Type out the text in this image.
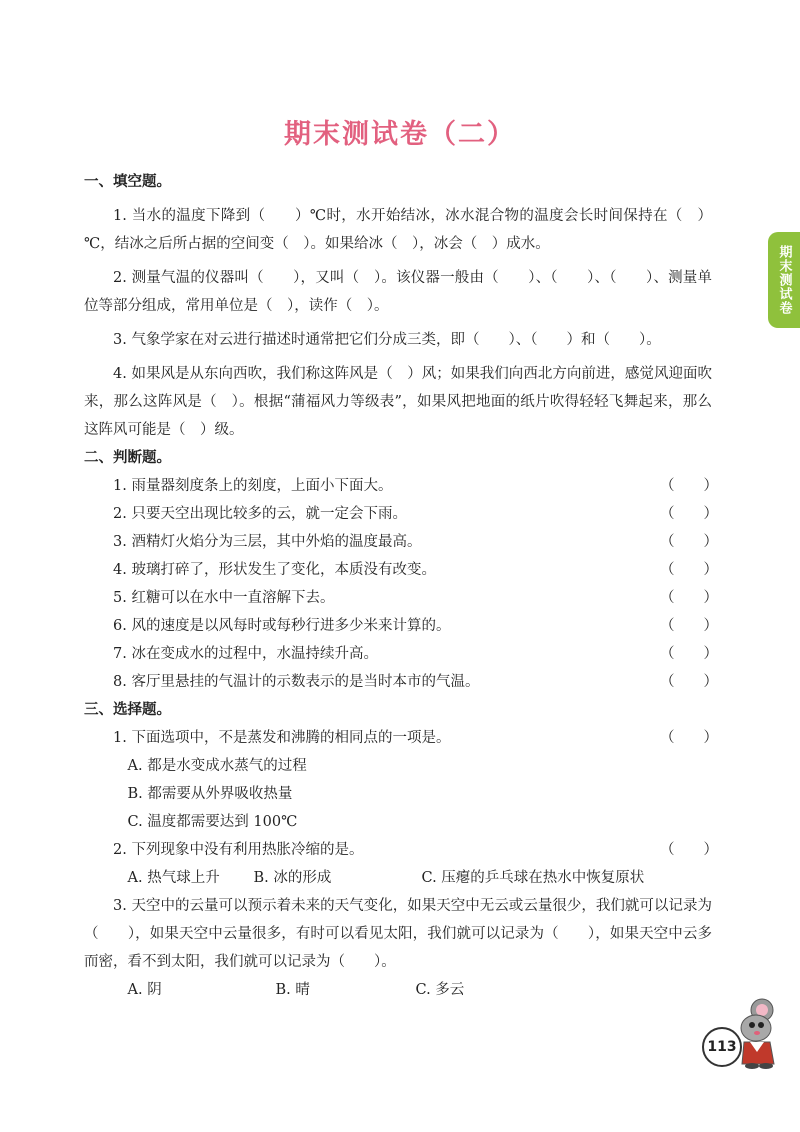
期末测试卷（二）
期末测试卷
一、填空题。
1. 当水的温度下降到（　　）℃时，水开始结冰，冰水混合物的温度会长时间保持在（　）℃，结冰之后所占据的空间变（　）。如果给冰（　），冰会（　）成水。
2. 测量气温的仪器叫（　　），又叫（　）。该仪器一般由（　　）、（　　）、（　　）、测量单位等部分组成，常用单位是（　），读作（　）。
3. 气象学家在对云进行描述时通常把它们分成三类，即（　　）、（　　）和（　　）。
4. 如果风是从东向西吹，我们称这阵风是（　）风；如果我们向西北方向前进，感觉风迎面吹来，那么这阵风是（　）。根据“蒲福风力等级表”，如果风把地面的纸片吹得轻轻飞舞起来，那么这阵风可能是（　）级。
二、判断题。
1. 雨量器刻度条上的刻度，上面小下面大。	（　　）
2. 只要天空出现比较多的云，就一定会下雨。	（　　）
3. 酒精灯火焰分为三层，其中外焰的温度最高。	（　　）
4. 玻璃打碎了，形状发生了变化，本质没有改变。	（　　）
5. 红糖可以在水中一直溶解下去。	（　　）
6. 风的速度是以风每时或每秒行进多少米来计算的。	（　　）
7. 冰在变成水的过程中，水温持续升高。	（　　）
8. 客厅里悬挂的气温计的示数表示的是当时本市的气温。	（　　）
三、选择题。
1. 下面选项中，不是蒸发和沸腾的相同点的一项是。	（　　）
A. 都是水变成水蒸气的过程
B. 都需要从外界吸收热量
C. 温度都需要达到 100℃
2. 下列现象中没有利用热胀冷缩的是。	（　　）
A. 热气球上升	B. 冰的形成	C. 压瘪的乒乓球在热水中恢复原状
3. 天空中的云量可以预示着未来的天气变化，如果天空中无云或云量很少，我们就可以记录为（　　），如果天空中云量很多，有时可以看见太阳，我们就可以记录为（　　），如果天空中云多而密，看不到太阳，我们就可以记录为（　　）。
A. 阴	B. 晴	C. 多云
113
